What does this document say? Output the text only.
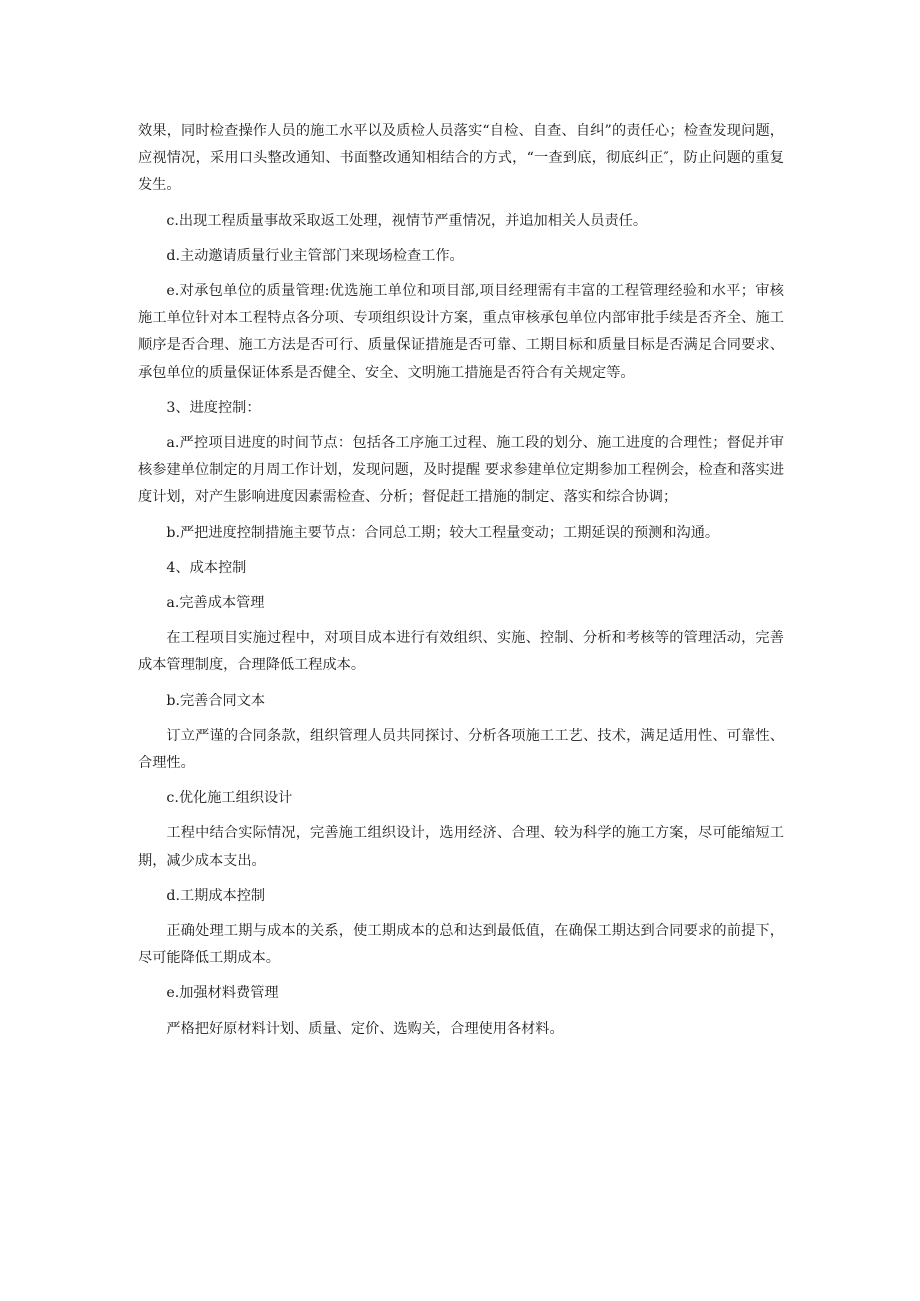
效果，同时检查操作人员的施工水平以及质检人员落实“自检、自查、自纠”的责任心；检查发现问题，应视情况，采用口头整改通知、书面整改通知相结合的方式，“一查到底，彻底纠正″，防止问题的重复发生。

c.出现工程质量事故采取返工处理，视情节严重情况，并追加相关人员责任。

d.主动邀请质量行业主管部门来现场检查工作。

e.对承包单位的质量管理:优选施工单位和项目部,项目经理需有丰富的工程管理经验和水平；审核施工单位针对本工程特点各分项、专项组织设计方案，重点审核承包单位内部审批手续是否齐全、施工顺序是否合理、施工方法是否可行、质量保证措施是否可靠、工期目标和质量目标是否满足合同要求、承包单位的质量保证体系是否健全、安全、文明施工措施是否符合有关规定等。

3、进度控制：

a.严控项目进度的时间节点：包括各工序施工过程、施工段的划分、施工进度的合理性；督促并审核参建单位制定的月周工作计划，发现问题，及时提醒 要求参建单位定期参加工程例会，检查和落实进度计划，对产生影响进度因素需检查、分析；督促赶工措施的制定、落实和综合协调；

b.严把进度控制措施主要节点：合同总工期；较大工程量变动；工期延误的预测和沟通。

4、成本控制

a.完善成本管理

在工程项目实施过程中，对项目成本进行有效组织、实施、控制、分析和考核等的管理活动，完善成本管理制度，合理降低工程成本。

b.完善合同文本

订立严谨的合同条款，组织管理人员共同探讨、分析各项施工工艺、技术，满足适用性、可靠性、合理性。

c.优化施工组织设计

工程中结合实际情况，完善施工组织设计，选用经济、合理、较为科学的施工方案，尽可能缩短工期，减少成本支出。

d.工期成本控制

正确处理工期与成本的关系，使工期成本的总和达到最低值，在确保工期达到合同要求的前提下，尽可能降低工期成本。

e.加强材料费管理

严格把好原材料计划、质量、定价、选购关，合理使用各材料。
